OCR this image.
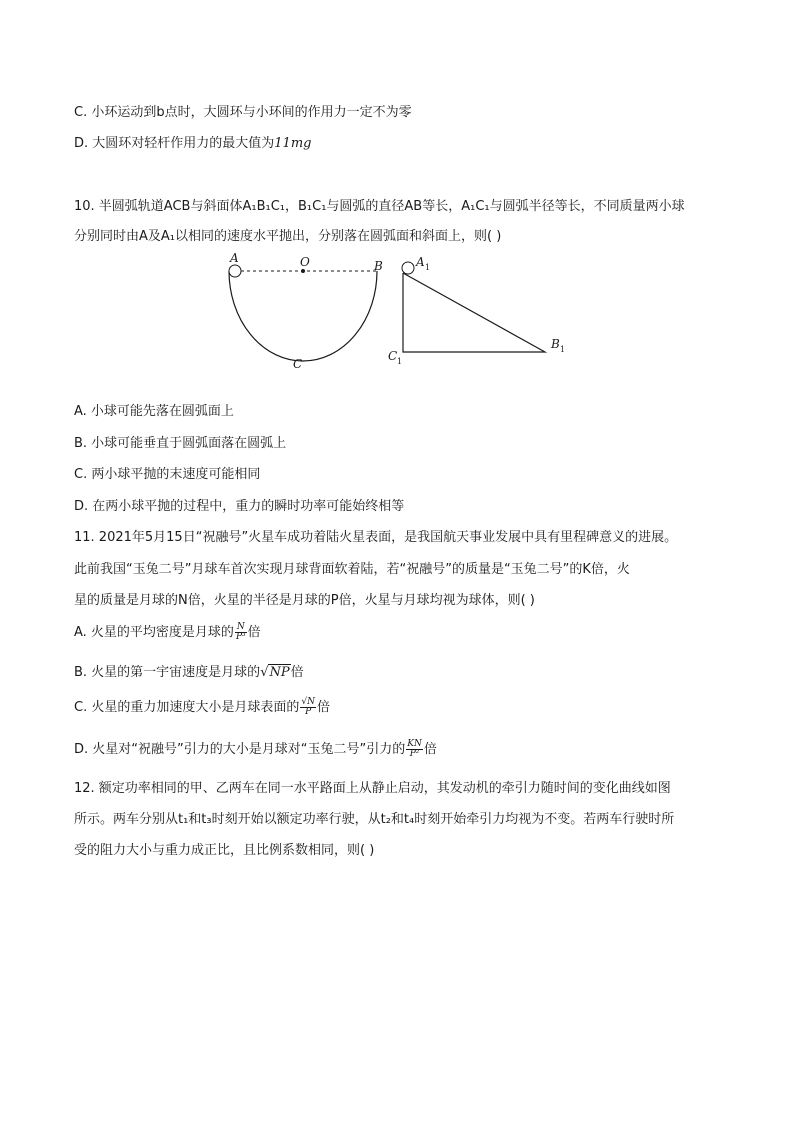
C. 小环运动到b点时，大圆环与小环间的作用力一定不为零
D. 大圆环对轻杆作用力的最大值为11mg
10. 半圆弧轨道ACB与斜面体A₁B₁C₁，B₁C₁与圆弧的直径AB等长，A₁C₁与圆弧半径等长，不同质量两小球
分别同时由A及A₁以相同的速度水平抛出，分别落在圆弧面和斜面上，则( )
A	O	B
C
A 1
B 1
C 1
A. 小球可能先落在圆弧面上
B. 小球可能垂直于圆弧面落在圆弧上
C. 两小球平抛的末速度可能相同
D. 在两小球平抛的过程中，重力的瞬时功率可能始终相等
11. 2021年5月15日“祝融号”火星车成功着陆火星表面，是我国航天事业发展中具有里程碑意义的进展。
此前我国“玉兔二号”月球车首次实现月球背面软着陆，若“祝融号”的质量是“玉兔二号”的K倍，火
星的质量是月球的N倍，火星的半径是月球的P倍，火星与月球均视为球体，则( )
A. 火星的平均密度是月球的 $\frac{N}{\text{P³}}$ 倍
B. 火星的第一宇宙速度是月球的√NP倍
C. 火星的重力加速度大小是月球表面的 $\frac{√N}{P}$ 倍
D. 火星对“祝融号”引力的大小是月球对“玉兔二号”引力的 $\frac{KN}{\text{P²}}$ 倍
12. 额定功率相同的甲、乙两车在同一水平路面上从静止启动，其发动机的牵引力随时间的变化曲线如图
所示。两车分别从t₁和t₃时刻开始以额定功率行驶，从t₂和t₄时刻开始牵引力均视为不变。若两车行驶时所
受的阻力大小与重力成正比，且比例系数相同，则( )
